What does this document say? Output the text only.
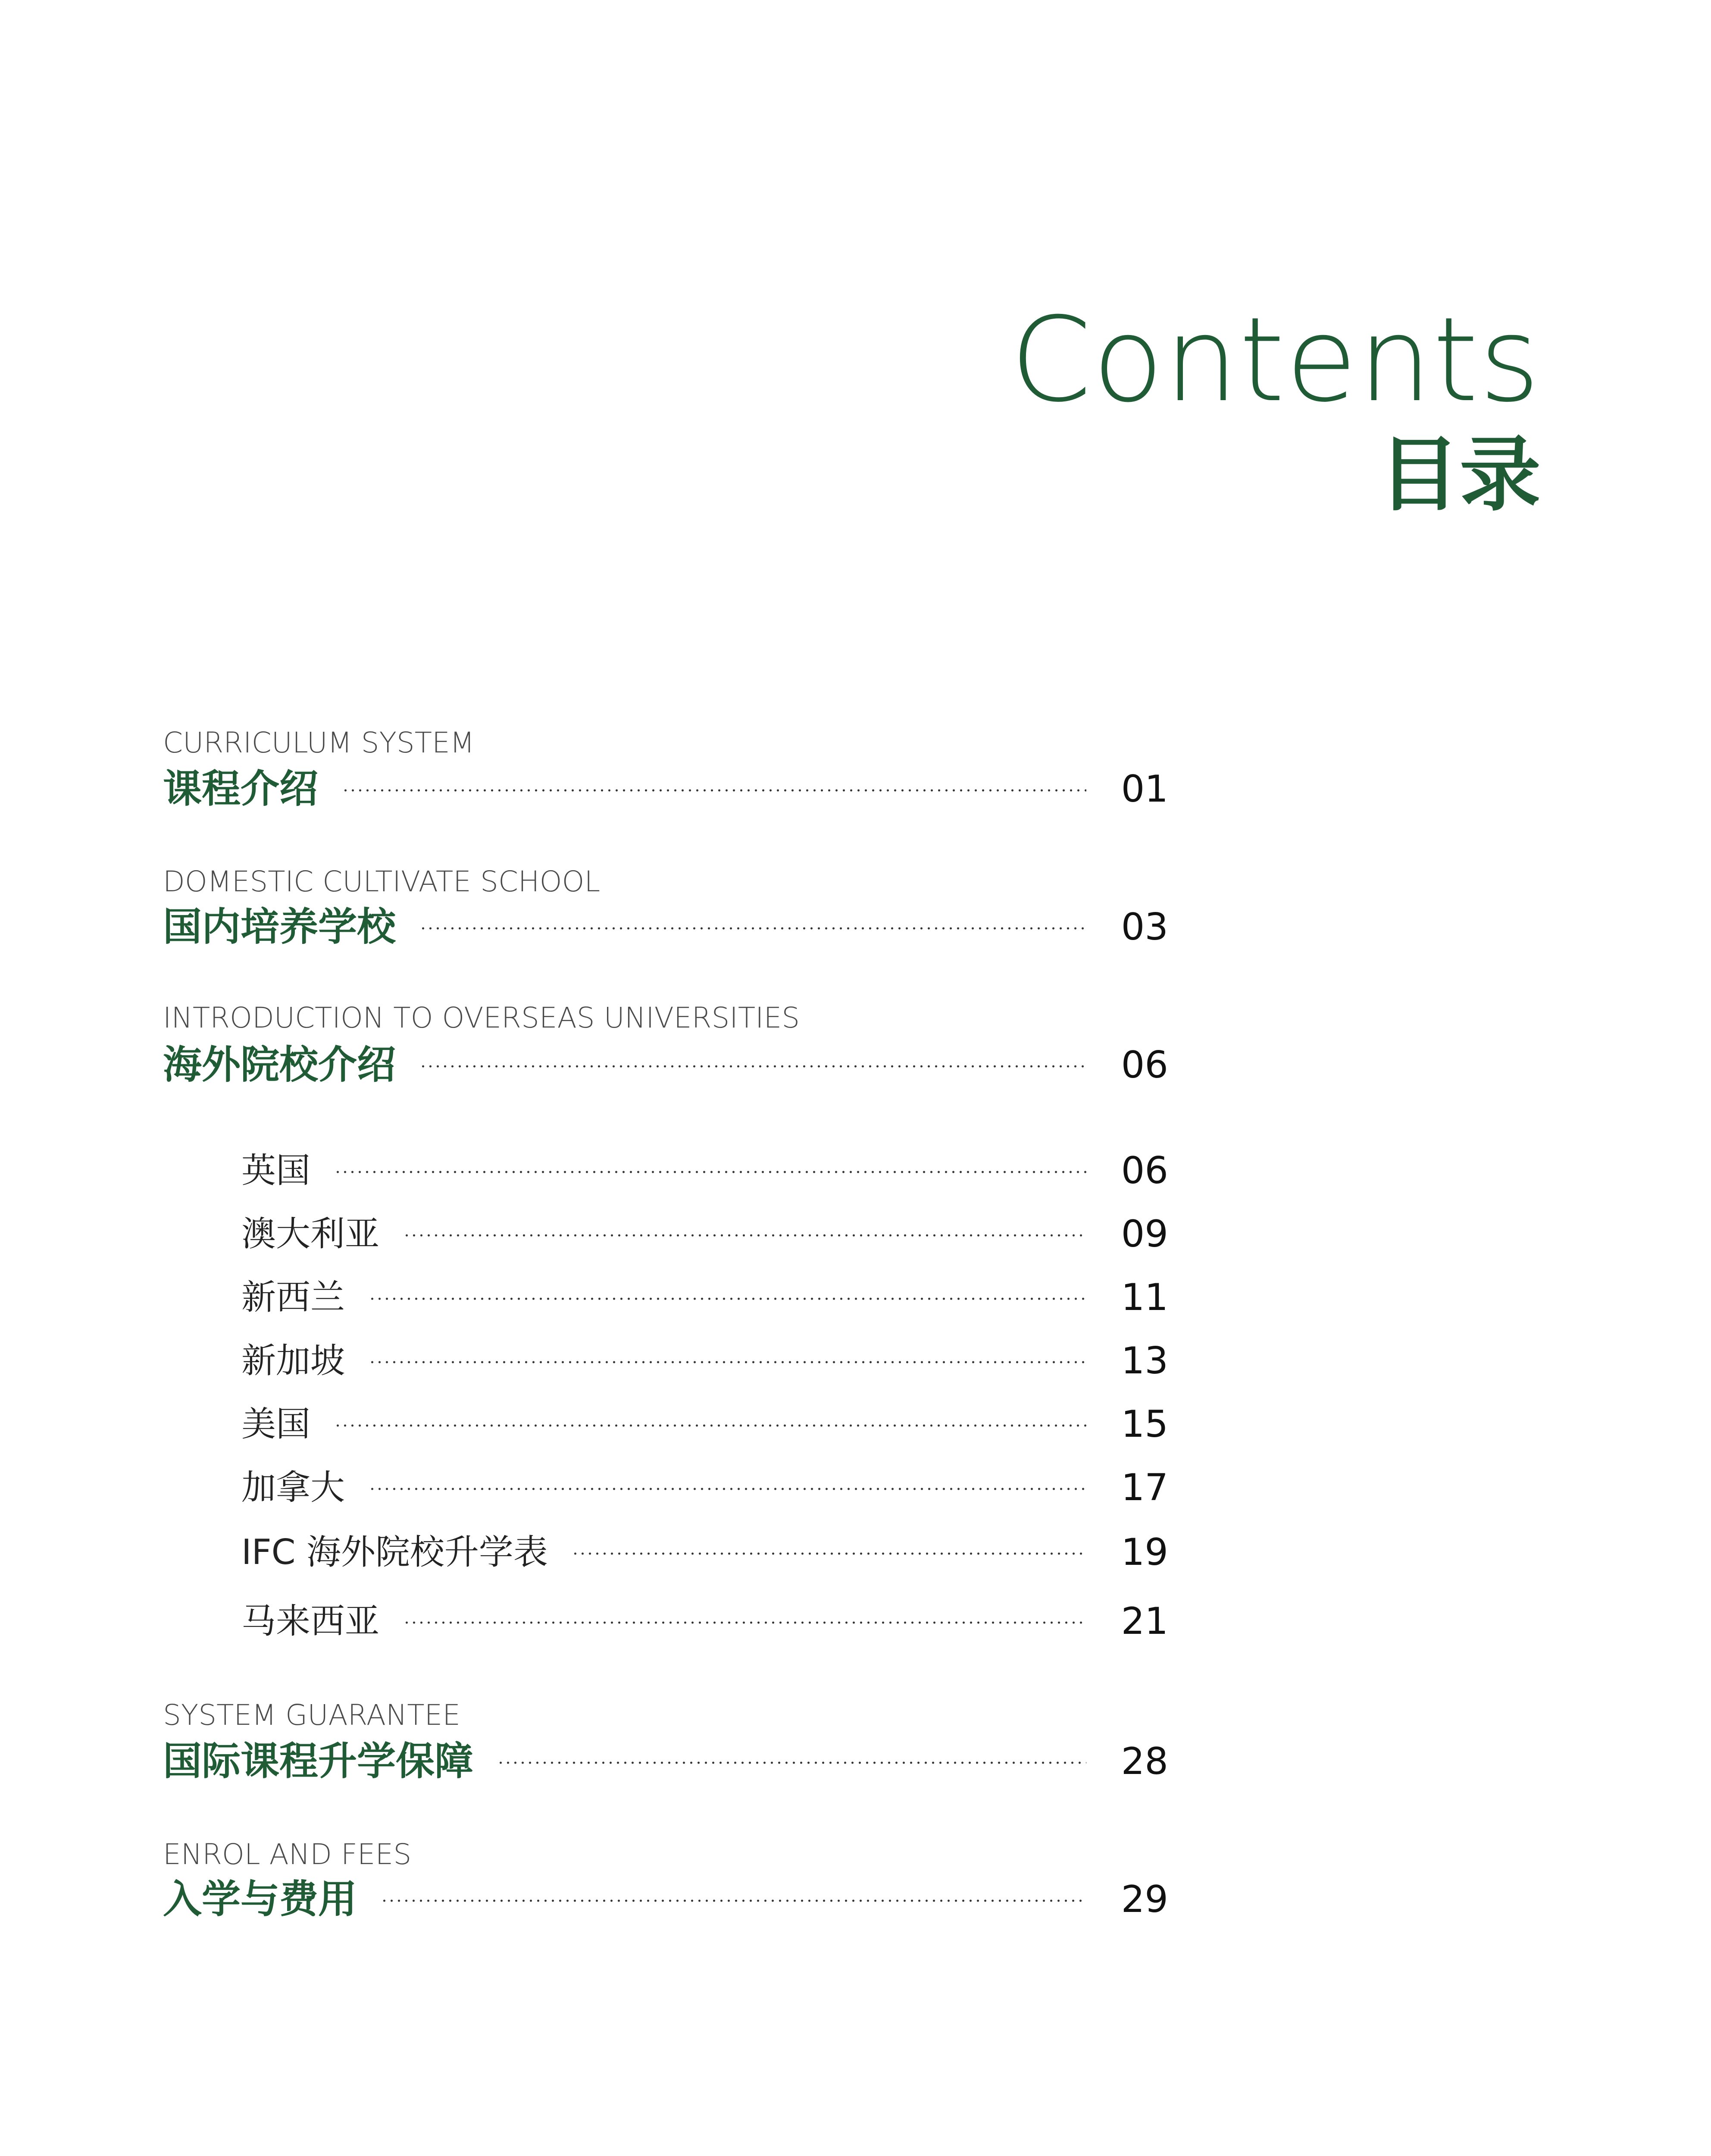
Contents
目录
CURRICULUM SYSTEM
课程介绍	01
DOMESTIC CULTIVATE SCHOOL
国内培养学校	03
INTRODUCTION TO OVERSEAS UNIVERSITIES
海外院校介绍	06
英国	06
澳大利亚	09
新西兰	11
新加坡	13
美国	15
加拿大	17
IFC 海外院校升学表	19
马来西亚	21
SYSTEM GUARANTEE
国际课程升学保障	28
ENROL AND FEES
入学与费用	29
